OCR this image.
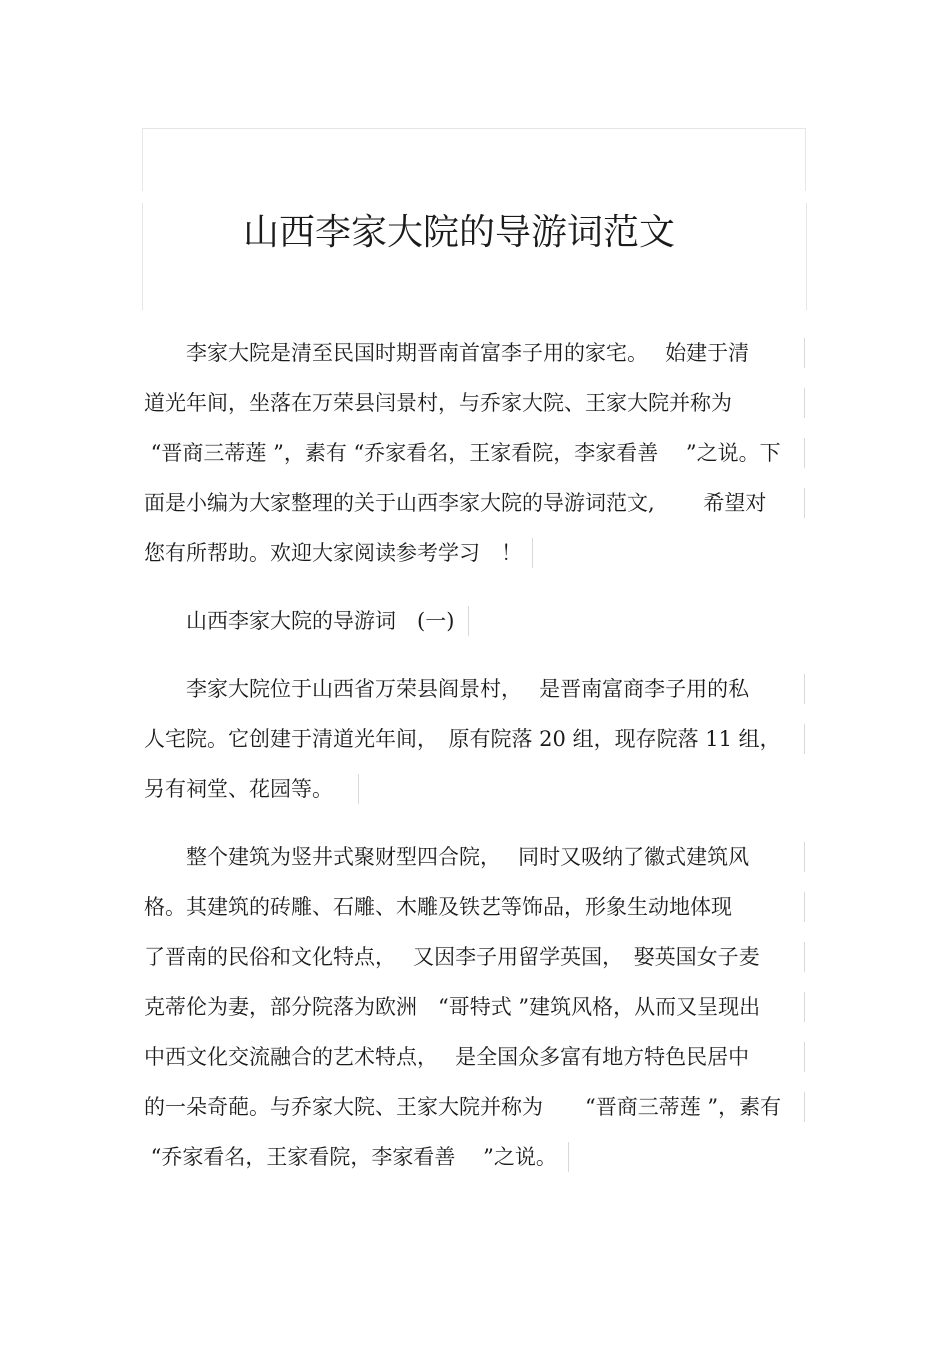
山西李家大院的导游词范文
　　李家大院是清至民国时期晋南首富李子用的家宅。　 始建于清
道光年间，坐落在万荣县闫景村，与乔家大院、王家大院并称为
“晋商三蒂莲 ”，素有 “乔家看名，王家看院，李家看善　 ”之说。下
面是小编为大家整理的关于山西李家大院的导游词范文,　　 希望对
您有所帮助。欢迎大家阅读参考学习　！
　　山西李家大院的导游词　(一)
　　李家大院位于山西省万荣县阎景村，　 是晋南富商李子用的私
人宅院。它创建于清道光年间，　原有院落 20 组，现存院落 11 组，
另有祠堂、花园等。
　　整个建筑为竖井式聚财型四合院，　 同时又吸纳了徽式建筑风
格。其建筑的砖雕、石雕、木雕及铁艺等饰品，形象生动地体现
了晋南的民俗和文化特点，　 又因李子用留学英国，　娶英国女子麦
克蒂伦为妻，部分院落为欧洲　“哥特式 ”建筑风格，从而又呈现出
中西文化交流融合的艺术特点，　 是全国众多富有地方特色民居中
的一朵奇葩。与乔家大院、王家大院并称为　　“晋商三蒂莲 ”，素有
“乔家看名，王家看院，李家看善　 ”之说。
